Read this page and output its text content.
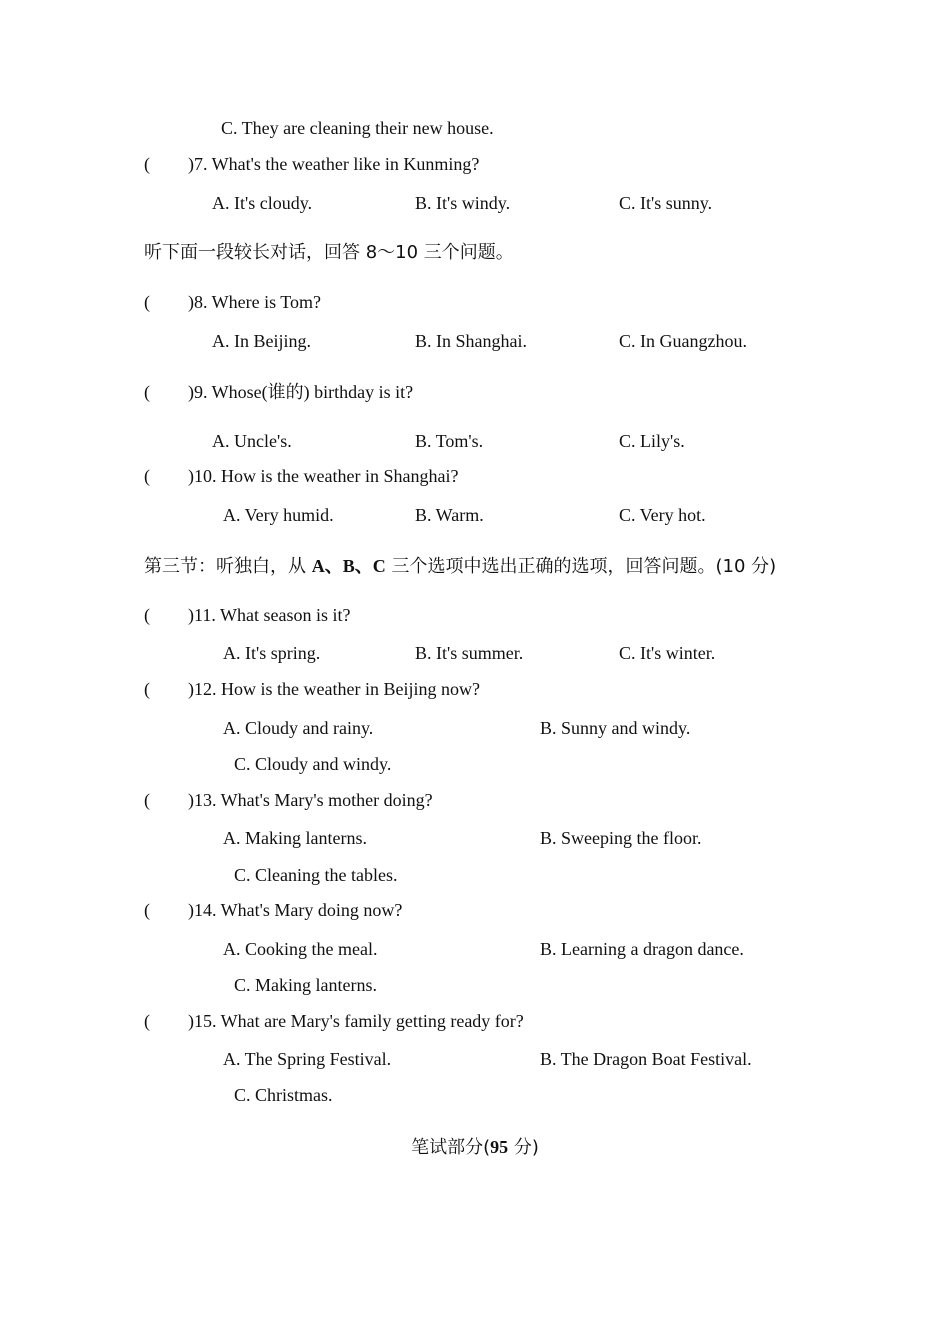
C. They are cleaning their new house.
( )7. What's the weather like in Kunming?
A. It's cloudy.	B. It's windy.	C. It's sunny.
听下面一段较长对话，回答 8～10 三个问题。
( )8. Where is Tom?
A. In Beijing.	B. In Shanghai.	C. In Guangzhou.
( )9. Whose(谁的) birthday is it?
A. Uncle's.	B. Tom's.	C. Lily's.
( )10. How is the weather in Shanghai?
A. Very humid.	B. Warm.	C. Very hot.
第三节：听独白，从 A、B、C 三个选项中选出正确的选项，回答问题。(10 分)
( )11. What season is it?
A. It's spring.	B. It's summer.	C. It's winter.
( )12. How is the weather in Beijing now?
A. Cloudy and rainy.	B. Sunny and windy.
C. Cloudy and windy.
( )13. What's Mary's mother doing?
A. Making lanterns.	B. Sweeping the floor.
C. Cleaning the tables.
( )14. What's Mary doing now?
A. Cooking the meal.	B. Learning a dragon dance.
C. Making lanterns.
( )15. What are Mary's family getting ready for?
A. The Spring Festival.	B. The Dragon Boat Festival.
C. Christmas.
笔试部分(95 分)
